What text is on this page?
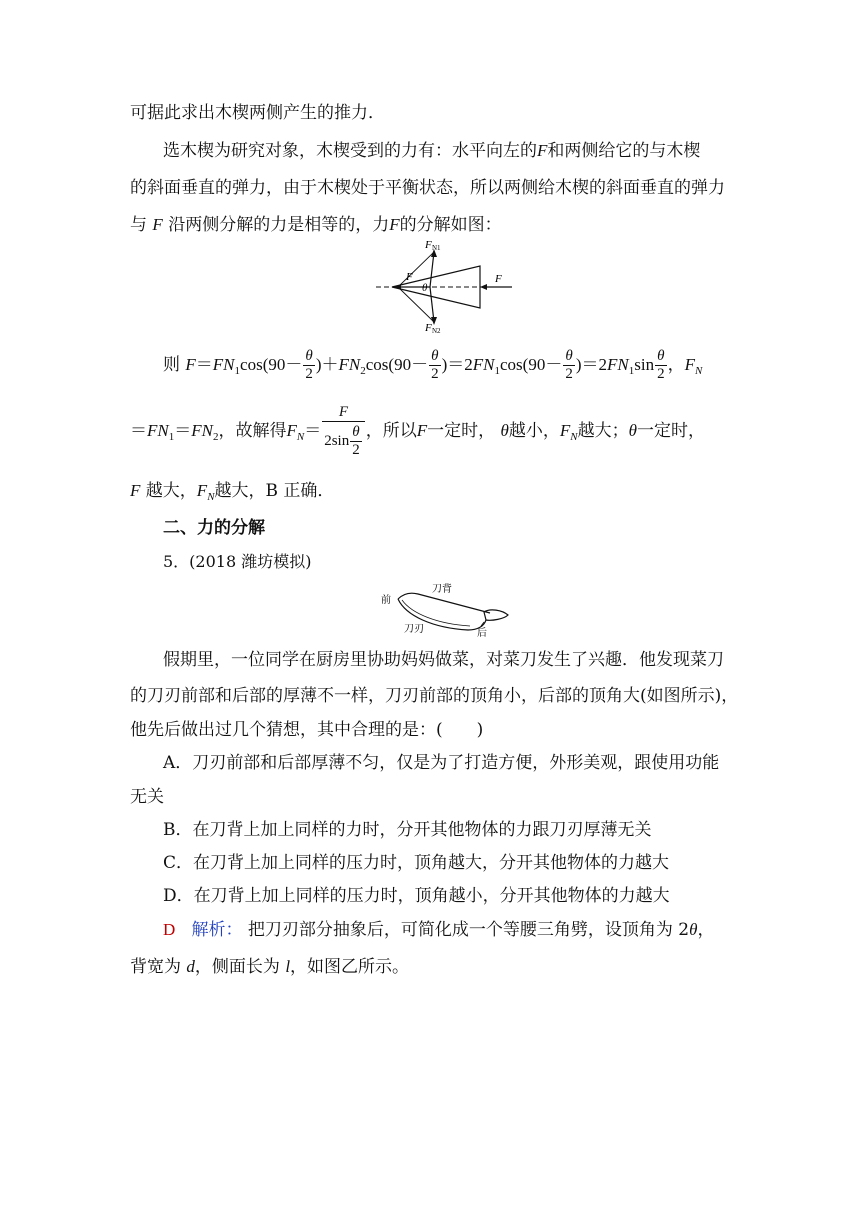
可据此求出木楔两侧产生的推力．
选木楔为研究对象，木楔受到的力有：水平向左的F和两侧给它的与木楔
的斜面垂直的弹力，由于木楔处于平衡状态，所以两侧给木楔的斜面垂直的弹力
与 F 沿两侧分解的力是相等的，力F的分解如图：
F N1
F N2
F	F
θ
则 $F=FN_1\cos(90- \frac{\theta}{2} )+FN_2\cos(90- \frac{\theta}{2} )=2FN_1\cos(90- \frac{\theta}{2} )=2FN_1\sin \frac{\theta}{2}$ ，$F_N$
$=FN_1=FN_2$，故解得$F_N= \frac{F}{2\sin \frac{\theta}{2}}$ ，所以F一定时， θ越小，$F_N$越大；θ一定时，
F 越大，$F_N$越大，B 正确．
二、力的分解
5．(2018 潍坊模拟)
刀背
前
刀刃	后
假期里，一位同学在厨房里协助妈妈做菜，对菜刀发生了兴趣．他发现菜刀
的刀刃前部和后部的厚薄不一样，刀刃前部的顶角小，后部的顶角大(如图所示)，
他先后做出过几个猜想，其中合理的是：(　　)
A．刀刃前部和后部厚薄不匀，仅是为了打造方便，外形美观，跟使用功能
无关
B．在刀背上加上同样的力时，分开其他物体的力跟刀刃厚薄无关
C．在刀背上加上同样的压力时，顶角越大，分开其他物体的力越大
D．在刀背上加上同样的压力时，顶角越小，分开其他物体的力越大
D 解析： 把刀刃部分抽象后，可简化成一个等腰三角劈，设顶角为 2θ，
背宽为 d，侧面长为 l，如图乙所示。
